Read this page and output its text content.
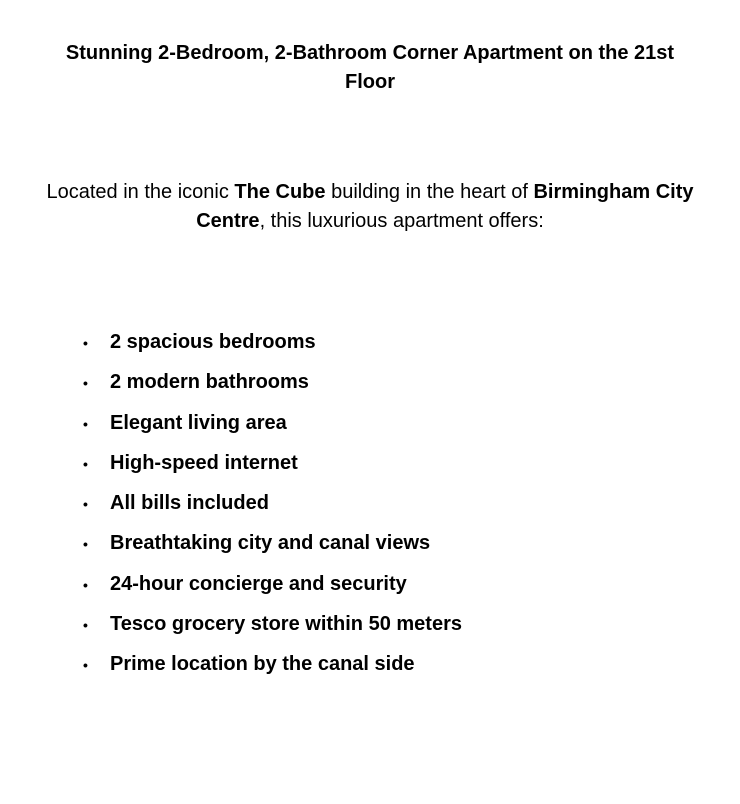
Stunning 2-Bedroom, 2-Bathroom Corner Apartment on the 21st Floor

Located in the iconic The Cube building in the heart of Birmingham City Centre, this luxurious apartment offers:

• 2 spacious bedrooms
• 2 modern bathrooms
• Elegant living area
• High-speed internet
• All bills included
• Breathtaking city and canal views
• 24-hour concierge and security
• Tesco grocery store within 50 meters
• Prime location by the canal side
